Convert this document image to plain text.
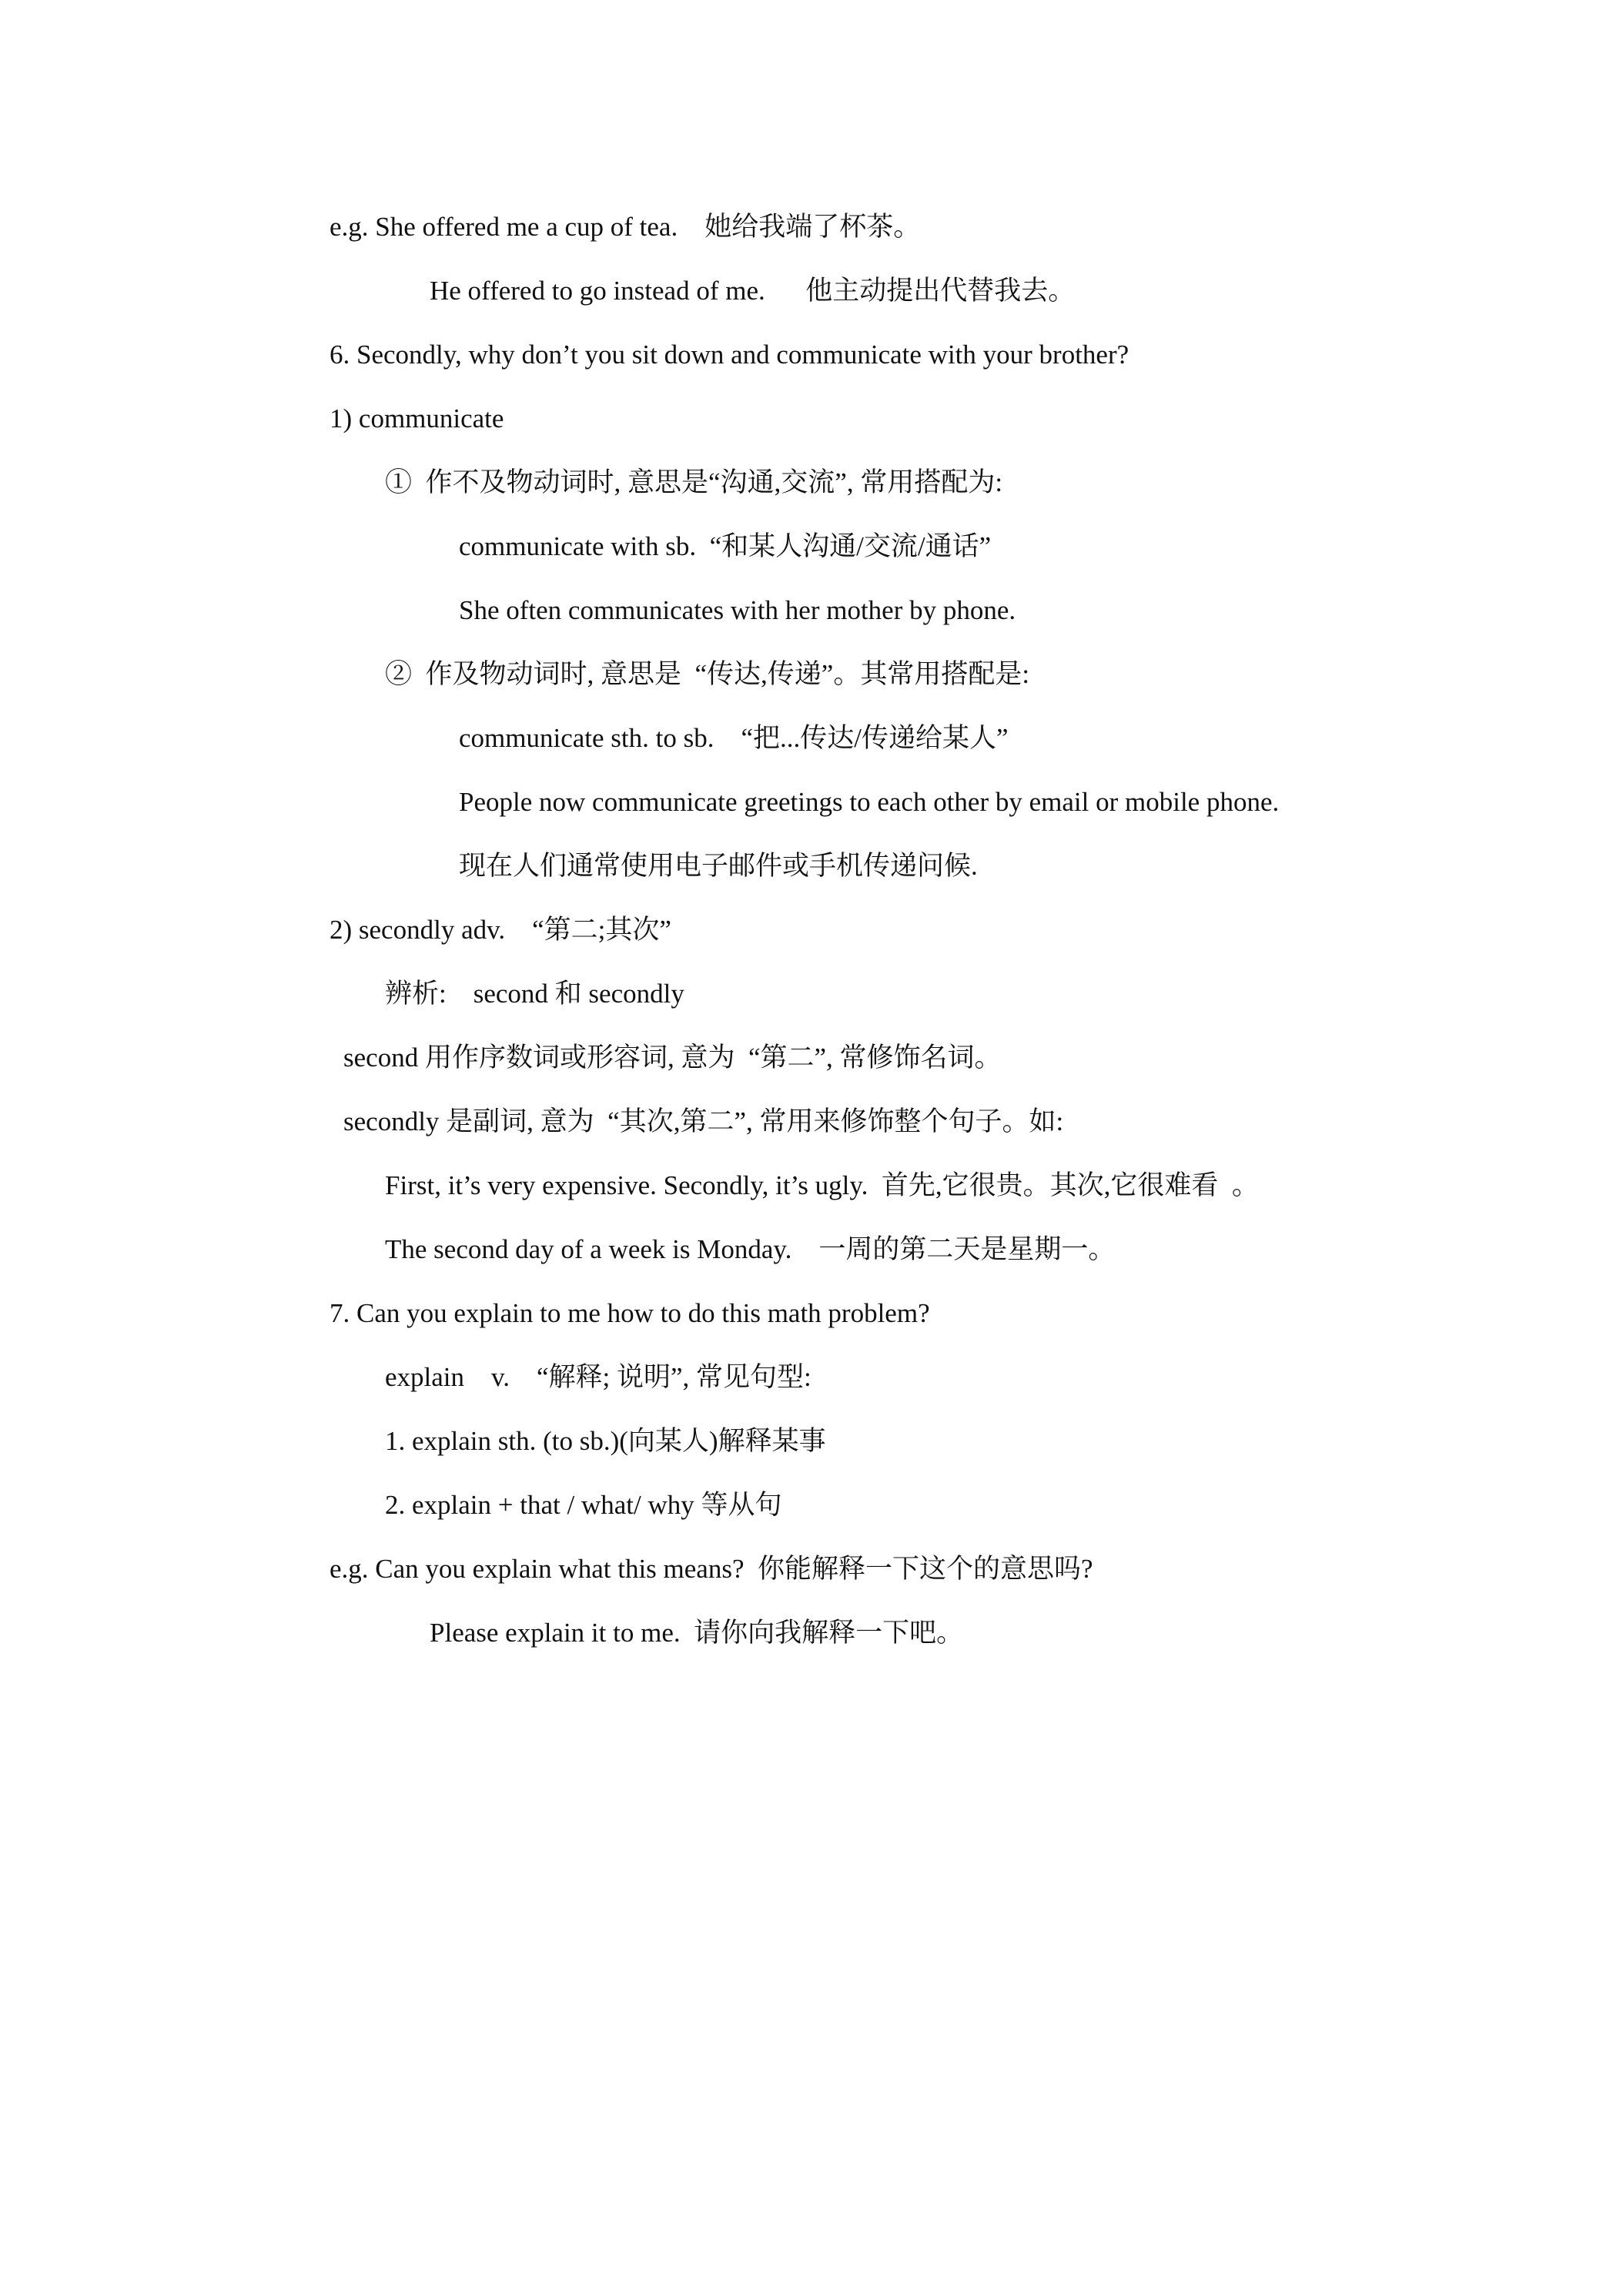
e.g. She offered me a cup of tea.    她给我端了杯茶。

He offered to go instead of me.      他主动提出代替我去。

6. Secondly, why don’t you sit down and communicate with your brother?

1) communicate

①  作不及物动词时, 意思是“沟通,交流”, 常用搭配为:

communicate with sb.  “和某人沟通/交流/通话”

She often communicates with her mother by phone.

②  作及物动词时, 意思是  “传达,传递”。其常用搭配是:

communicate sth. to sb.    “把...传达/传递给某人”

People now communicate greetings to each other by email or mobile phone.

现在人们通常使用电子邮件或手机传递问候.

2) secondly adv.    “第二;其次”

辨析:    second 和 secondly

second 用作序数词或形容词, 意为  “第二”, 常修饰名词。

secondly 是副词, 意为  “其次,第二”, 常用来修饰整个句子。如:

First, it’s very expensive. Secondly, it’s ugly.  首先,它很贵。其次,它很难看  。

The second day of a week is Monday.    一周的第二天是星期一。

7. Can you explain to me how to do this math problem?

explain    v.    “解释; 说明”, 常见句型:

1. explain sth. (to sb.)(向某人)解释某事

2. explain + that / what/ why 等从句

e.g. Can you explain what this means?  你能解释一下这个的意思吗?

Please explain it to me.  请你向我解释一下吧。
